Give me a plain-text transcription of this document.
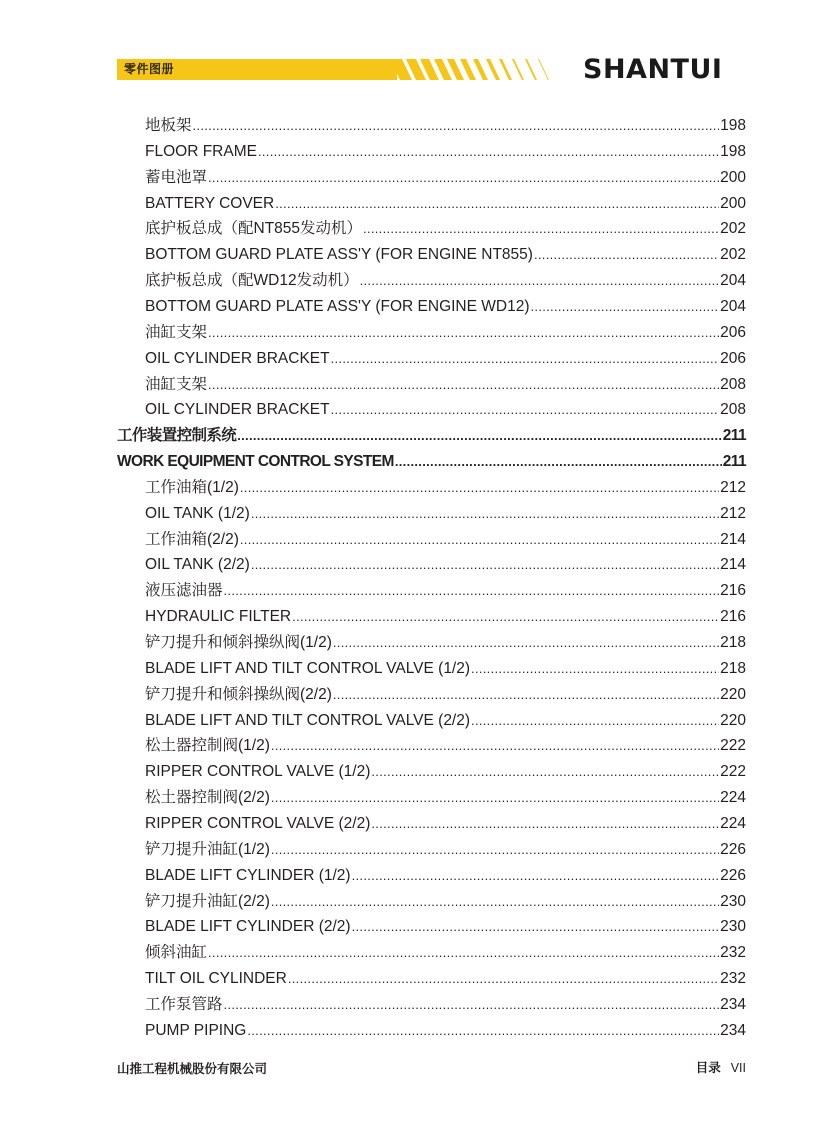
零件图册	SHANTUI
地板架 .....	198
FLOOR FRAME .....	198
蓄电池罩 .....	200
BATTERY COVER .....	200
底护板总成（配NT855发动机） .....	202
BOTTOM GUARD PLATE ASS'Y (FOR ENGINE NT855) .....	202
底护板总成（配WD12发动机） .....	204
BOTTOM GUARD PLATE ASS'Y (FOR ENGINE WD12) .....	204
油缸支架 .....	206
OIL CYLINDER BRACKET .....	206
油缸支架 .....	208
OIL CYLINDER BRACKET .....	208
工作装置控制系统 .....	211
WORK EQUIPMENT CONTROL SYSTEM .....	211
工作油箱(1/2) .....	212
OIL TANK (1/2) .....	212
工作油箱(2/2) .....	214
OIL TANK (2/2) .....	214
液压滤油器 .....	216
HYDRAULIC FILTER .....	216
铲刀提升和倾斜操纵阀(1/2) .....	218
BLADE LIFT AND TILT CONTROL VALVE (1/2) .....	218
铲刀提升和倾斜操纵阀(2/2) .....	220
BLADE LIFT AND TILT CONTROL VALVE (2/2) .....	220
松土器控制阀(1/2) .....	222
RIPPER CONTROL VALVE (1/2) .....	222
松土器控制阀(2/2) .....	224
RIPPER CONTROL VALVE (2/2) .....	224
铲刀提升油缸(1/2) .....	226
BLADE LIFT CYLINDER (1/2) .....	226
铲刀提升油缸(2/2) .....	230
BLADE LIFT CYLINDER (2/2) .....	230
倾斜油缸 .....	232
TILT OIL CYLINDER .....	232
工作泵管路 .....	234
PUMP PIPING .....	234
山推工程机械股份有限公司	目录 VII
